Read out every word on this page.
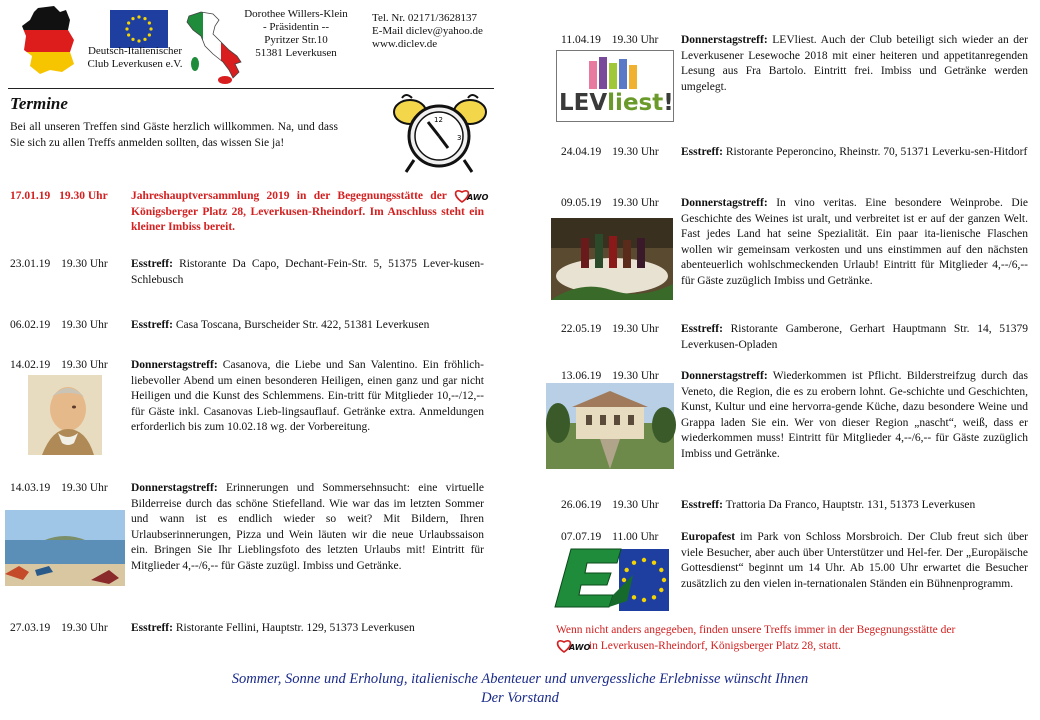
Deutsch-Italienischer
Club Leverkusen e.V.
Dorothee Willers-Klein
- Präsidentin --
Pyritzer Str.10
51381 Leverkusen
Tel. Nr. 02171/3628137
E-Mail diclev@yahoo.de
www.diclev.de
Termine
Bei all unseren Treffen sind Gäste herzlich willkommen. Na, und dass Sie sich zu allen Treffs anmelden sollten, das wissen Sie ja!
12
3
17.01.19 19.30 Uhr Jahreshauptversammlung 2019 in der Begegnungsstätte der	AWO
Königsberger Platz 28, Leverkusen-Rheindorf. Im Anschluss steht ein kleiner Imbiss bereit.
23.01.19 19.30 Uhr Esstreff: Ristorante Da Capo, Dechant-Fein-Str. 5, 51375 Lever-kusen-Schlebusch
06.02.19 19.30 Uhr Esstreff: Casa Toscana, Burscheider Str. 422, 51381 Leverkusen
14.02.19 19.30 Uhr Donnerstagstreff: Casanova, die Liebe und San Valentino. Ein fröhlich-liebevoller Abend um einen besonderen Heiligen, einen ganz und gar nicht Heiligen und die Kunst des Schlemmens. Ein-tritt für Mitglieder 10,--/12,-- für Gäste inkl. Casanovas Lieb-lingsauflauf. Getränke extra. Anmeldungen erforderlich bis zum 10.02.18 wg. der Vorbereitung.
14.03.19 19.30 Uhr Donnerstagstreff: Erinnerungen und Sommersehnsucht: eine virtuelle Bilderreise durch das schöne Stiefelland. Wie war das im letzten Sommer und wann ist es endlich wieder so weit? Mit Bildern, Ihren Urlaubserinnerungen, Pizza und Wein läuten wir die neue Urlaubssaison ein. Bringen Sie Ihr Lieblingsfoto des letzten Urlaubs mit! Eintritt für Mitglieder 4,--/6,-- für Gäste zuzügl. Imbiss und Getränke.
27.03.19 19.30 Uhr Esstreff: Ristorante Fellini, Hauptstr. 129, 51373 Leverkusen
11.04.19 19.30 Uhr
LEVliest!
Donnerstagstreff: LEVliest. Auch der Club beteiligt sich wieder an der Leverkusener Lesewoche 2018 mit einer heiteren und appetitanregenden Lesung aus Fra Bartolo. Eintritt frei. Imbiss und Getränke werden umgelegt.
24.04.19 19.30 Uhr Esstreff: Ristorante Peperoncino, Rheinstr. 70, 51371 Leverku-sen-Hitdorf
09.05.19 19.30 Uhr Donnerstagstreff: In vino veritas. Eine besondere Weinprobe. Die Geschichte des Weines ist uralt, und verbreitet ist er auf der ganzen Welt. Fast jedes Land hat seine Spezialität. Ein paar ita-lienische Flaschen wollen wir gemeinsam verkosten und uns einstimmen auf den nächsten abenteuerlich wohlschmeckenden Urlaub! Eintritt für Mitglieder 4,--/6,-- für Gäste zuzüglich Imbiss und Getränke.
22.05.19 19.30 Uhr Esstreff: Ristorante Gamberone, Gerhart Hauptmann Str. 14, 51379 Leverkusen-Opladen
13.06.19 19.30 Uhr Donnerstagstreff: Wiederkommen ist Pflicht. Bilderstreifzug durch das Veneto, die Region, die es zu erobern lohnt. Ge-schichte und Geschichten, Kunst, Kultur und eine hervorra-gende Küche, dazu besondere Weine und Grappa laden Sie ein. Wer von dieser Region „nascht“, weiß, dass er wiederkommen muss! Eintritt für Mitglieder 4,--/6,-- für Gäste zuzüglich Imbiss und Getränke.
26.06.19 19.30 Uhr Esstreff: Trattoria Da Franco, Hauptstr. 131, 51373 Leverkusen
07.07.19 11.00 Uhr Europafest im Park von Schloss Morsbroich. Der Club freut sich über viele Besucher, aber auch über Unterstützer und Hel-fer. Der „Europäische Gottesdienst“ beginnt um 14 Uhr. Ab 15.00 Uhr erwartet die Besucher zusätzlich zu den vielen in-ternationalen Ständen ein Bühnenprogramm.
Wenn nicht anders angegeben, finden unsere Treffs immer in der Begegnungsstätte der
AWO
in Leverkusen-Rheindorf, Königsberger Platz 28, statt.
Sommer, Sonne und Erholung, italienische Abenteuer und unvergessliche Erlebnisse wünscht Ihnen
Der Vorstand
